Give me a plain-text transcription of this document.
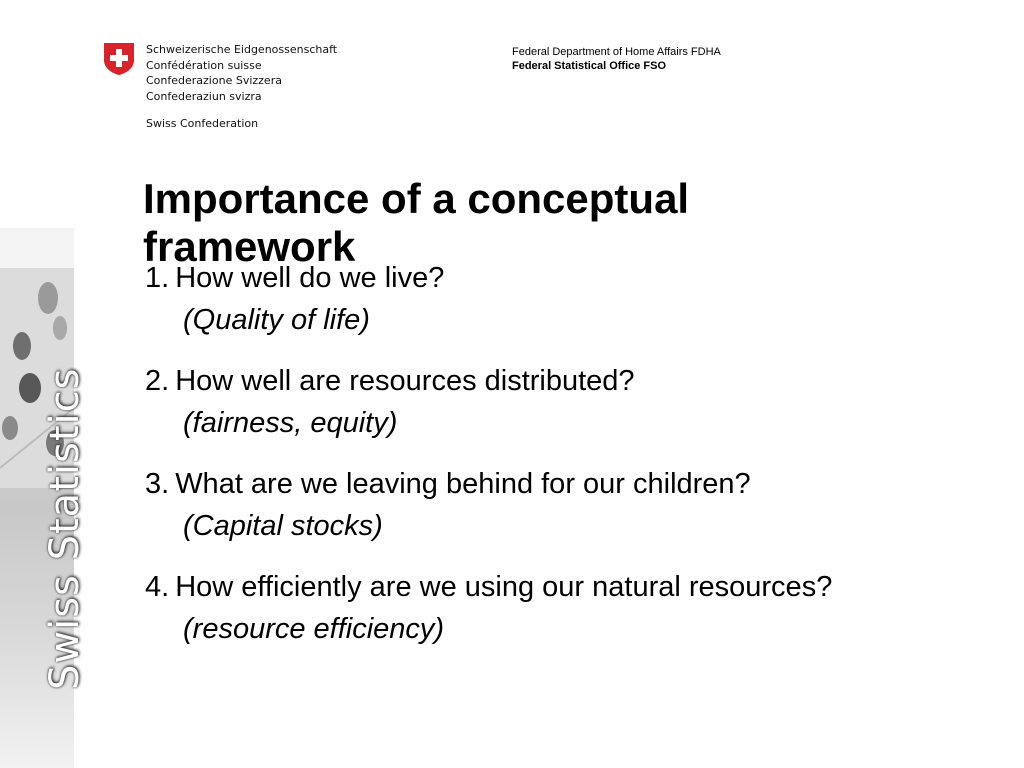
Swiss Statistics
Schweizerische Eidgenossenschaft
Confédération suisse
Confederazione Svizzera
Confederaziun svizra
Swiss Confederation
Federal Department of Home Affairs FDHA
Federal Statistical Office FSO
Importance of a conceptual framework
1. How well do we live?
(Quality of life)
2. How well are resources distributed?
(fairness, equity)
3. What are we leaving behind for our children?
(Capital stocks)
4. How efficiently are we using our natural resources?
(resource efficiency)
